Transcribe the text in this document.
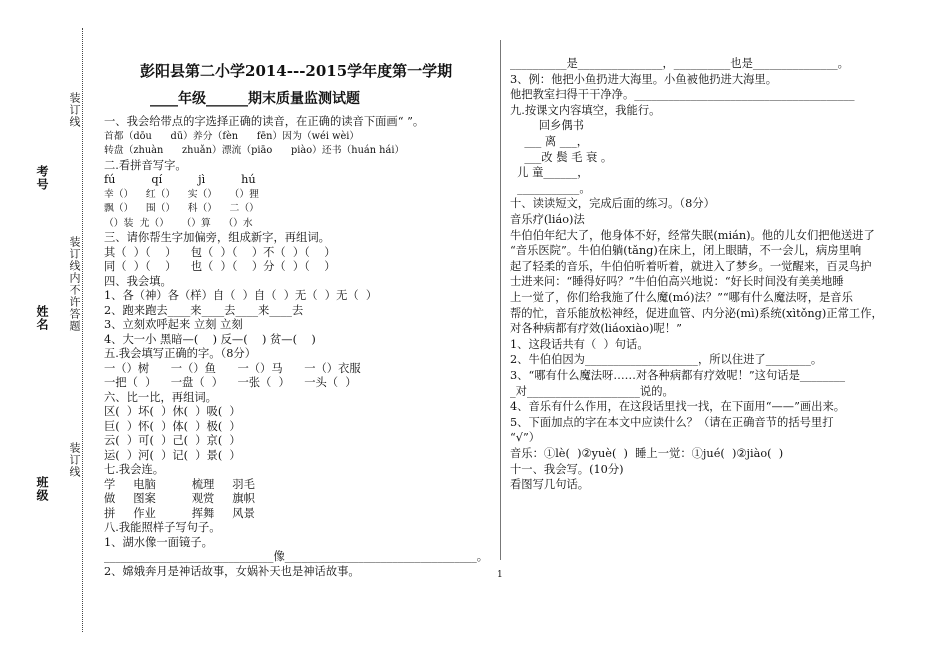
装订线
考号
姓名 装订线内不许答题
装订线
班级
彭阳县第二小学2014---2015学年度第一学期
____年级______期末质量监测试题
一、我会给带点的字选择正确的读音，在正确的读音下面画“ ”。
首都（dōu      dū）养分（fèn      fēn）因为（wéi wèi）
转盘（zhuàn      zhuǎn）漂流（piāo      piào）还书（huán hái）
二.看拼音写字。
fú          qí          jì          hú
幸（）    红（）    实（）    （）狸
飘（）    围（）    科（）    二（）
（）装  尤（）    （）算    （）水
三、请你帮生字加偏旁，组成新字，再组词。
其（  ）（    ）    包（  ）（    ）不（  ）（    ）
同（  ）（    ）    也（  ）（    ）分（  ）（    ）
四、我会填。
1、各（神）各（样）自（  ）自（  ）无（  ）无（  ）
2、跑来跑去____来____去____来____去
3、立刻欢呼起来 立刻 立刻
4、大一小 黑暗—(    ) 反—(    ) 贫—(    )
五.我会填写正确的字。（8分）
一（）树      一（）鱼      一（）马      一（）衣服
一把（  ）    一盘（  ）    一张（  ）    一头（  ）
六、比一比，再组词。
区(  ）坏(  ）休(  ）吸(  ）
巨(  ）怀(  ）体(  ）极(  ）
云(  ）可(  ）己(  ）京(  ）
运(  ）河(  ）记(  ）景(  ）
七.我会连。
学     电脑          梳理     羽毛
做     图案          观赏     旗帜
拼     作业          挥舞     风景
八.我能照样子写句子。
1、湖水像一面镜子。
______________________________像__________________________________。
2、嫦娥奔月是神话故事，女娲补天也是神话故事。
__________是_______________，__________也是_______________。
3、例：他把小鱼扔进大海里。小鱼被他扔进大海里。
他把教室扫得干干净净。_______________________________________
九.按课文内容填空，我能行。
回乡偶书
___ 离 ___，
___改 鬓 毛 衰 。
儿 童______，
___________。
十、读读短文，完成后面的练习。（8分）
音乐疗(liáo)法
牛伯伯年纪大了，他身体不好，经常失眠(mián)。他的儿女们把他送进了
“音乐医院”。牛伯伯躺(tǎng)在床上，闭上眼睛，不一会儿，病房里响
起了轻柔的音乐，牛伯伯听着听着，就进入了梦乡。一觉醒来，百灵鸟护
士进来问：“睡得好吗？”牛伯伯高兴地说：“好长时间没有美美地睡
上一觉了，你们给我施了什么魔(mó)法？”“哪有什么魔法呀，是音乐
帮的忙，音乐能放松神经，促进血管、内分泌(mì)系统(xìtǒng)正常工作，
对各种病都有疗效(liáoxiào)呢！”
1、这段话共有（  ）句话。
2、牛伯伯因为____________________，所以住进了________。
3、“哪有什么魔法呀……对各种病都有疗效呢！”这句话是________
_对____________________说的。
4、音乐有什么作用，在这段话里找一找，在下面用“——”画出来。
5、下面加点的字在本文中应读什么？（请在正确音节的括号里打
“√”）
音乐：①lè(  )②yuè(  )  睡上一觉：①jué(  )②jiào(  )
十一、我会写。(10分)
看图写几句话。
1
